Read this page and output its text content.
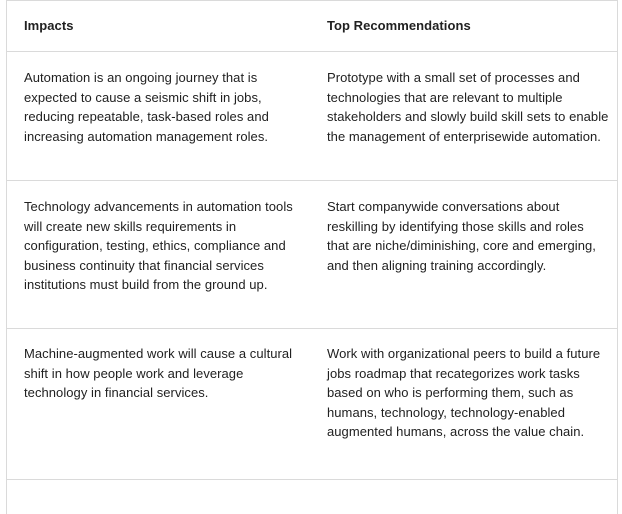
Impacts	Top Recommendations
Automation is an ongoing journey that is expected to cause a seismic shift in jobs, reducing repeatable, task-based roles and increasing automation management roles.
Prototype with a small set of processes and technologies that are relevant to multiple stakeholders and slowly build skill sets to enable the management of enterprisewide automation.
Technology advancements in automation tools will create new skills requirements in configuration, testing, ethics, compliance and business continuity that financial services institutions must build from the ground up.
Start companywide conversations about reskilling by identifying those skills and roles that are niche/diminishing, core and emerging, and then aligning training accordingly.
Machine-augmented work will cause a cultural shift in how people work and leverage technology in financial services.
Work with organizational peers to build a future jobs roadmap that recategorizes work tasks based on who is performing them, such as humans, technology, technology-enabled augmented humans, across the value chain.
